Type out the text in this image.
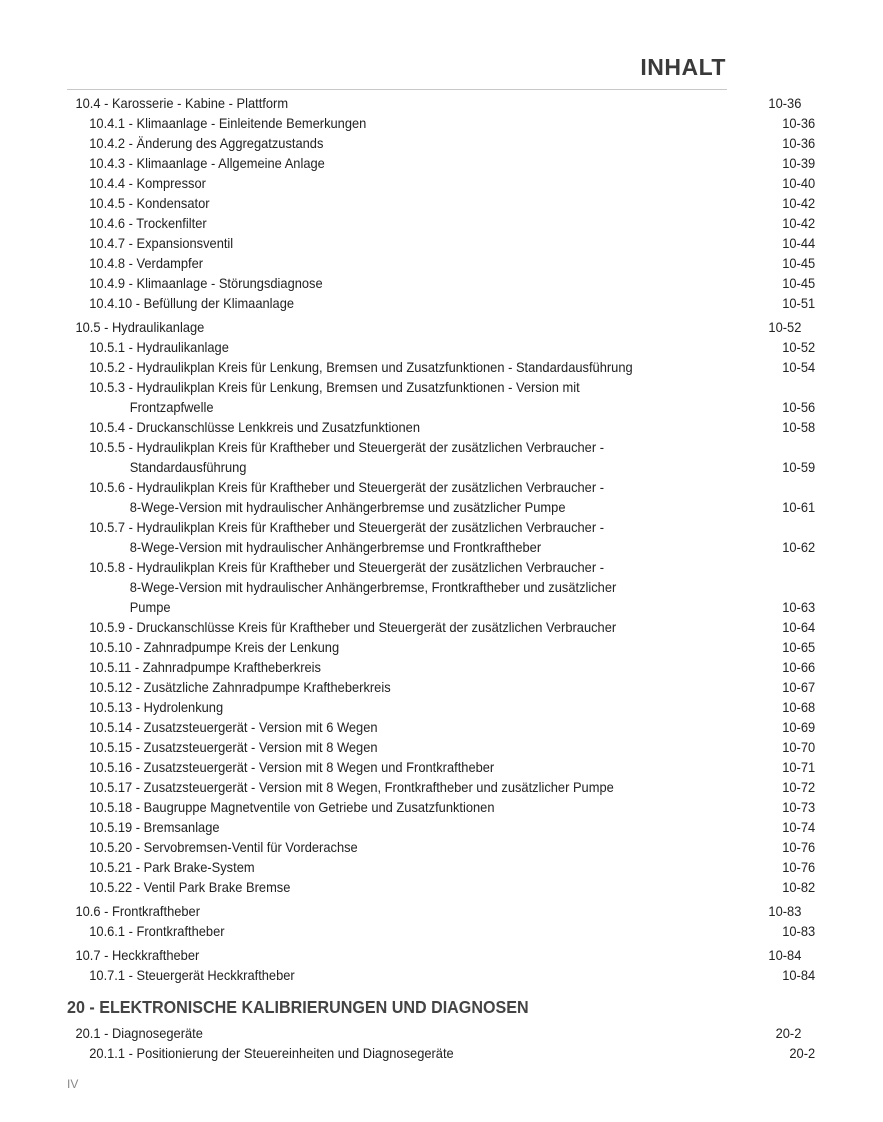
INHALT
10.4 - Karosserie - Kabine - Plattform	10-36
10.4.1 - Klimaanlage - Einleitende Bemerkungen	10-36
10.4.2 - Änderung des Aggregatzustands	10-36
10.4.3 - Klimaanlage - Allgemeine Anlage	10-39
10.4.4 - Kompressor	10-40
10.4.5 - Kondensator	10-42
10.4.6 - Trockenfilter	10-42
10.4.7 - Expansionsventil	10-44
10.4.8 - Verdampfer	10-45
10.4.9 - Klimaanlage - Störungsdiagnose	10-45
10.4.10 - Befüllung der Klimaanlage	10-51
10.5 - Hydraulikanlage	10-52
10.5.1 - Hydraulikanlage	10-52
10.5.2 - Hydraulikplan Kreis für Lenkung, Bremsen und Zusatzfunktionen - Standardausführung	10-54
10.5.3 - Hydraulikplan Kreis für Lenkung, Bremsen und Zusatzfunktionen - Version mit
Frontzapfwelle	10-56
10.5.4 - Druckanschlüsse Lenkkreis und Zusatzfunktionen	10-58
10.5.5 - Hydraulikplan Kreis für Kraftheber und Steuergerät der zusätzlichen Verbraucher -
Standardausführung	10-59
10.5.6 - Hydraulikplan Kreis für Kraftheber und Steuergerät der zusätzlichen Verbraucher -
8-Wege-Version mit hydraulischer Anhängerbremse und zusätzlicher Pumpe	10-61
10.5.7 - Hydraulikplan Kreis für Kraftheber und Steuergerät der zusätzlichen Verbraucher -
8-Wege-Version mit hydraulischer Anhängerbremse und Frontkraftheber	10-62
10.5.8 - Hydraulikplan Kreis für Kraftheber und Steuergerät der zusätzlichen Verbraucher -
8-Wege-Version mit hydraulischer Anhängerbremse, Frontkraftheber und zusätzlicher
Pumpe	10-63
10.5.9 - Druckanschlüsse Kreis für Kraftheber und Steuergerät der zusätzlichen Verbraucher	10-64
10.5.10 - Zahnradpumpe Kreis der Lenkung	10-65
10.5.11 - Zahnradpumpe Kraftheberkreis	10-66
10.5.12 - Zusätzliche Zahnradpumpe Kraftheberkreis	10-67
10.5.13 - Hydrolenkung	10-68
10.5.14 - Zusatzsteuergerät - Version mit 6 Wegen	10-69
10.5.15 - Zusatzsteuergerät - Version mit 8 Wegen	10-70
10.5.16 - Zusatzsteuergerät - Version mit 8 Wegen und Frontkraftheber	10-71
10.5.17 - Zusatzsteuergerät - Version mit 8 Wegen, Frontkraftheber und zusätzlicher Pumpe	10-72
10.5.18 - Baugruppe Magnetventile von Getriebe und Zusatzfunktionen	10-73
10.5.19 - Bremsanlage	10-74
10.5.20 - Servobremsen-Ventil für Vorderachse	10-76
10.5.21 - Park Brake-System	10-76
10.5.22 - Ventil Park Brake Bremse	10-82
10.6 - Frontkraftheber	10-83
10.6.1 - Frontkraftheber	10-83
10.7 - Heckkraftheber	10-84
10.7.1 - Steuergerät Heckkraftheber	10-84
20 - ELEKTRONISCHE KALIBRIERUNGEN UND DIAGNOSEN
20.1 - Diagnosegeräte	20-2
20.1.1 - Positionierung der Steuereinheiten und Diagnosegeräte	20-2
IV
